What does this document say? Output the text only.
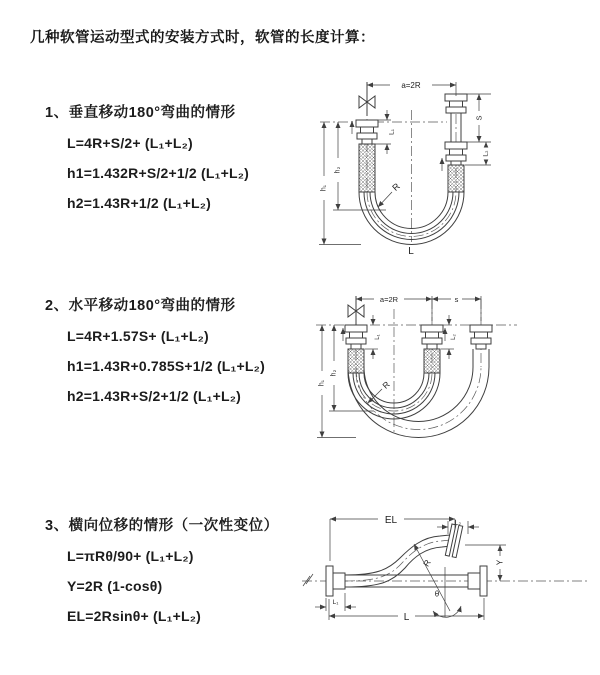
几种软管运动型式的安装方式时，软管的长度计算：
1、垂直移动180°弯曲的情形
L=4R+S/2+ (L₁+L₂)
h1=1.432R+S/2+1/2 (L₁+L₂)
h2=1.43R+1/2 (L₁+L₂)
a=2R
L₁
S
L₂
h₁
h₂
R
L
2、水平移动180°弯曲的情形
L=4R+1.57S+ (L₁+L₂)
h1=1.43R+0.785S+1/2 (L₁+L₂)
h2=1.43R+S/2+1/2 (L₁+L₂)
a=2R	s
L₁	L₂
h₁
h₂
R
3、横向位移的情形（一次性变位）
L=πRθ/90+ (L₁+L₂)
Y=2R (1-cosθ)
EL=2Rsinθ+ (L₁+L₂)
EL	L₂
Y
θ
R
L₁
L
